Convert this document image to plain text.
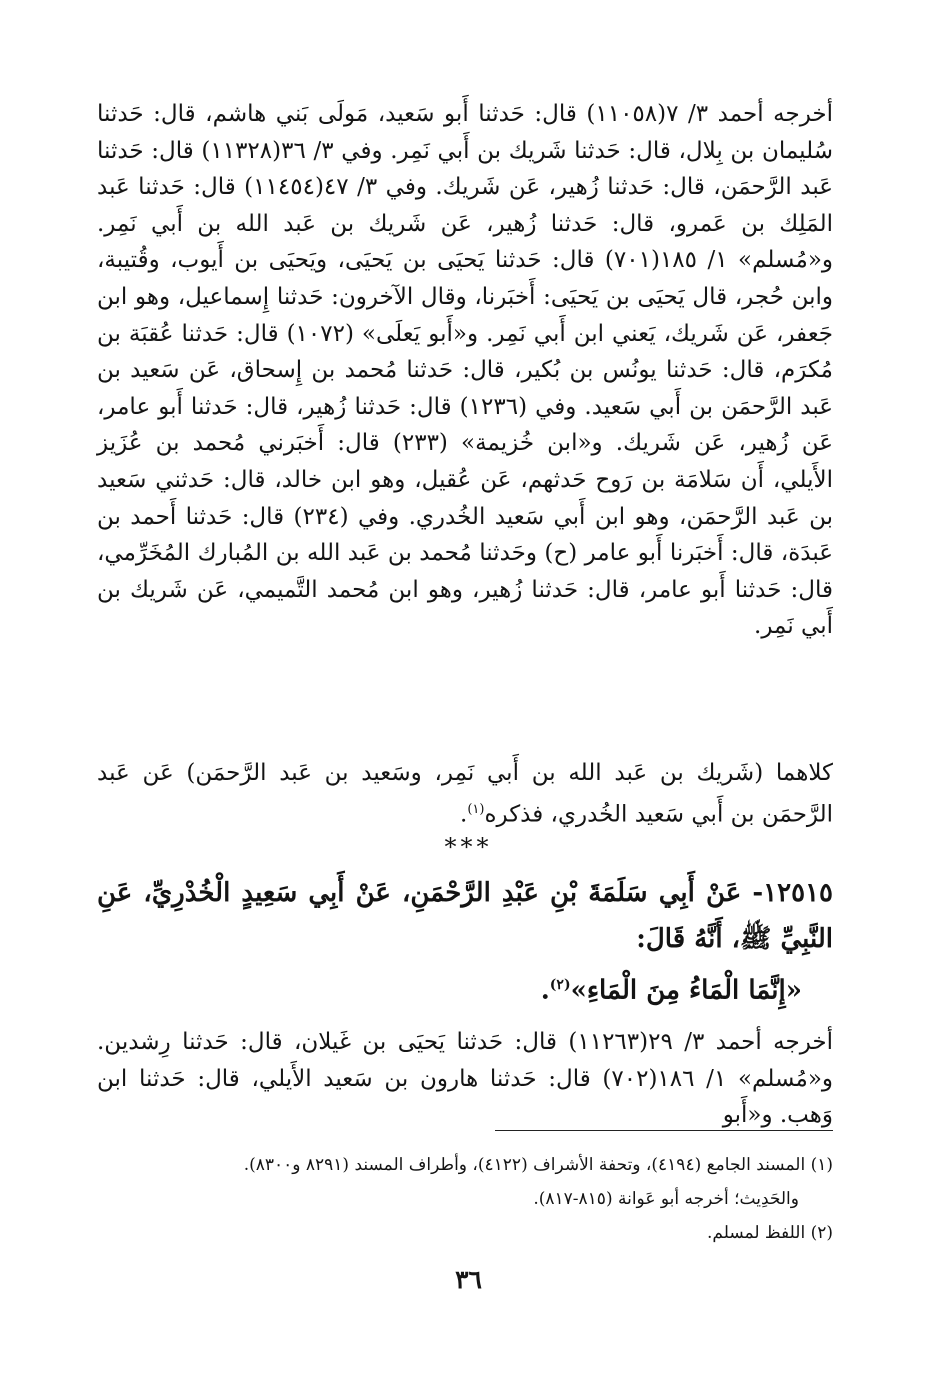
أخرجه أحمد ٣/ ٧(١١٠٥٨) قال: حَدثنا أَبو سَعيد، مَولَى بَني هاشم، قال: حَدثنا سُليمان بن بِلال، قال: حَدثنا شَريك بن أَبي نَمِر. وفي ٣/ ٣٦(١١٣٢٨) قال: حَدثنا عَبد الرَّحمَن، قال: حَدثنا زُهير، عَن شَريك. وفي ٣/ ٤٧(١١٤٥٤) قال: حَدثنا عَبد المَلِك بن عَمرو، قال: حَدثنا زُهير، عَن شَريك بن عَبد الله بن أَبي نَمِر. و«مُسلم» ١/ ١٨٥(٧٠١) قال: حَدثنا يَحيَى بن يَحيَى، ويَحيَى بن أَيوب، وقُتيبة، وابن حُجر، قال يَحيَى بن يَحيَى: أَخبَرنا، وقال الآخرون: حَدثنا إِسماعيل، وهو ابن جَعفر، عَن شَريك، يَعني ابن أَبي نَمِر. و«أَبو يَعلَى» (١٠٧٢) قال: حَدثنا عُقبَة بن مُكرَم، قال: حَدثنا يونُس بن بُكير، قال: حَدثنا مُحمد بن إِسحاق، عَن سَعيد بن عَبد الرَّحمَن بن أَبي سَعيد. وفي (١٢٣٦) قال: حَدثنا زُهير، قال: حَدثنا أَبو عامر، عَن زُهير، عَن شَريك. و«ابن خُزيمة» (٢٣٣) قال: أَخبَرني مُحمد بن عُزَيز الأَيلي، أَن سَلامَة بن رَوح حَدثهم، عَن عُقيل، وهو ابن خالد، قال: حَدثني سَعيد بن عَبد الرَّحمَن، وهو ابن أَبي سَعيد الخُدري. وفي (٢٣٤) قال: حَدثنا أَحمد بن عَبدَة، قال: أَخبَرنا أَبو عامر (ح) وحَدثنا مُحمد بن عَبد الله بن المُبارك المُخَرِّمي، قال: حَدثنا أَبو عامر، قال: حَدثنا زُهير، وهو ابن مُحمد التَّميمي، عَن شَريك بن أَبي نَمِر.
كلاهما (شَريك بن عَبد الله بن أَبي نَمِر، وسَعيد بن عَبد الرَّحمَن) عَن عَبد الرَّحمَن بن أَبي سَعيد الخُدري، فذكره$^{(١)}$.
***
١٢٥١٥- عَنْ أَبِي سَلَمَةَ بْنِ عَبْدِ الرَّحْمَنِ، عَنْ أَبِي سَعِيدٍ الْخُدْرِيِّ، عَنِ النَّبِيِّ ﷺ، أَنَّهُ قَالَ:
«إِنَّمَا الْمَاءُ مِنَ الْمَاءِ»$^{(٢)}$.
أخرجه أحمد ٣/ ٢٩(١١٢٦٣) قال: حَدثنا يَحيَى بن غَيلان، قال: حَدثنا رِشدين. و«مُسلم» ١/ ١٨٦(٧٠٢) قال: حَدثنا هارون بن سَعيد الأَيلي، قال: حَدثنا ابن وَهب. و«أَبو
(١) المسند الجامع (٤١٩٤)، وتحفة الأشراف (٤١٢٢)، وأطراف المسند (٨٢٩١ و٨٣٠٠).
والحَدِيث؛ أخرجه أبو عَوانة (٨١٥-٨١٧).
(٢) اللفظ لمسلم.
٣٦
